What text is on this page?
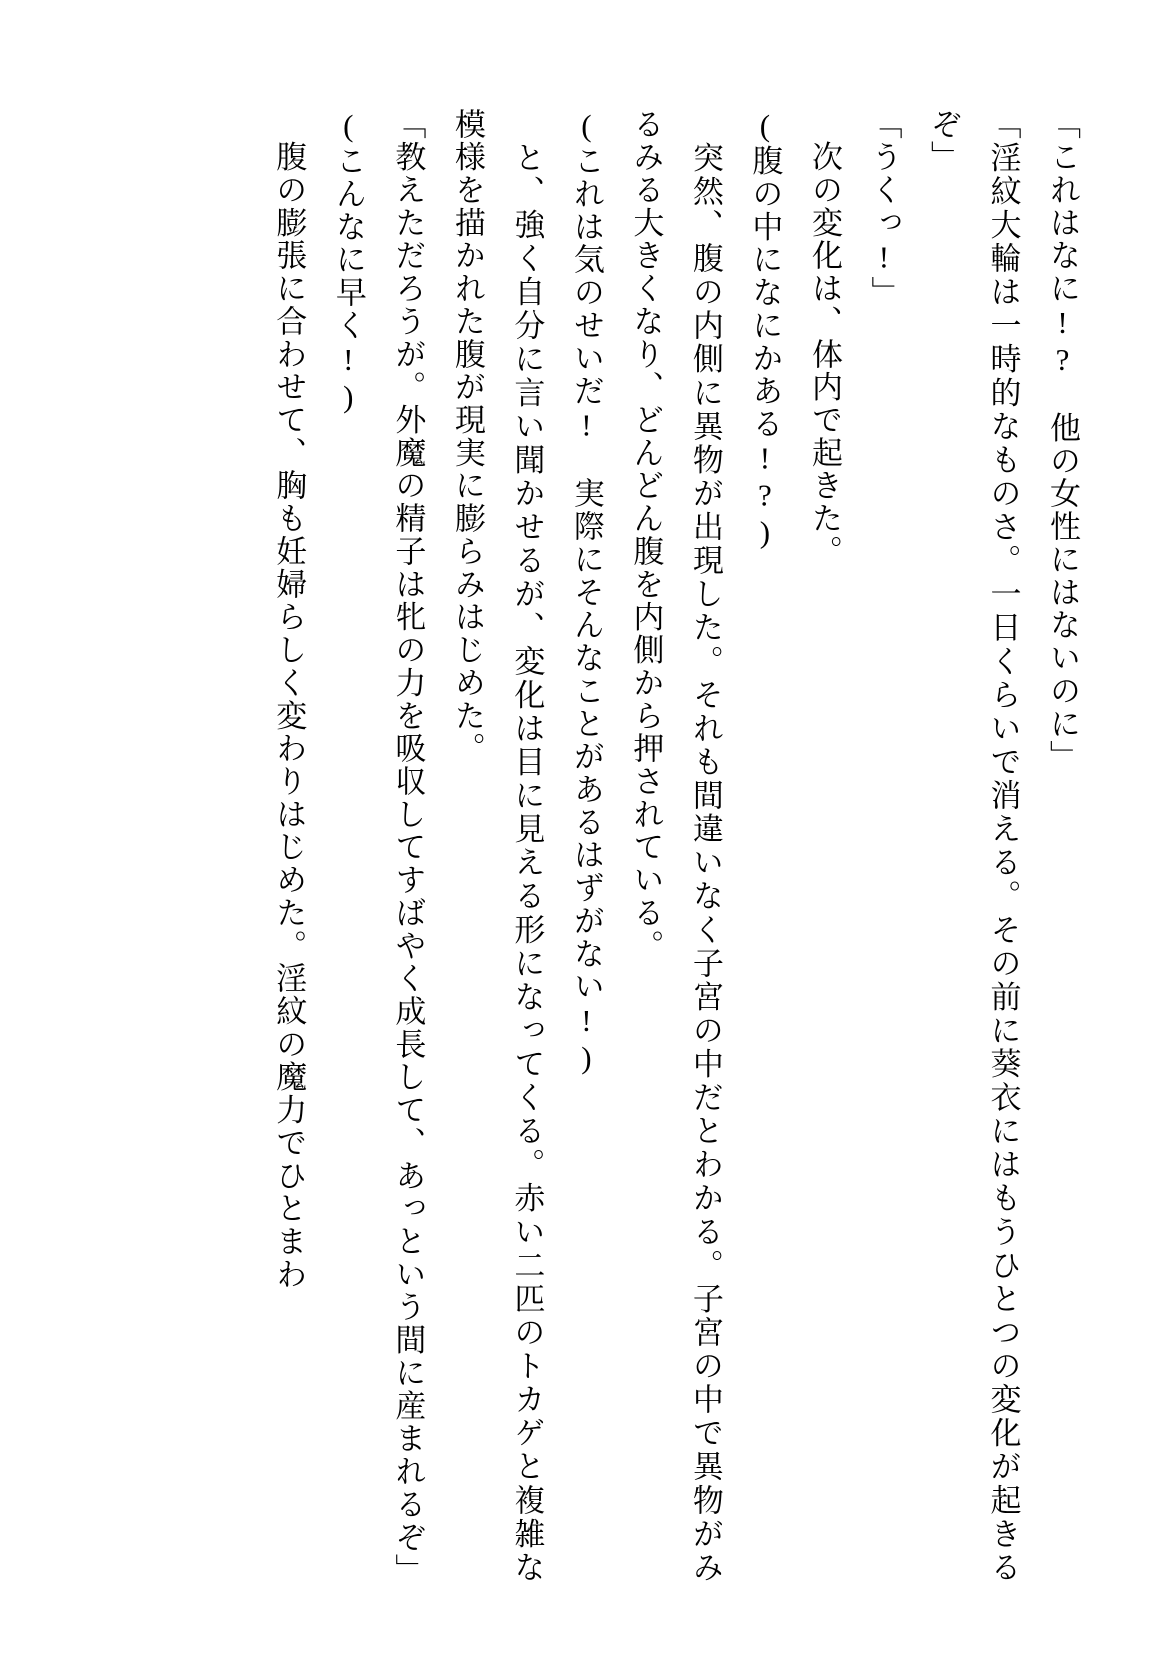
「これはなに!?　他の女性にはないのに」
「淫紋大輪は一時的なものさ。一日くらいで消える。その前に葵衣にはもうひとつの変化が起きるぞ」
「うくっ!」
　次の変化は、体内で起きた。
(腹の中になにかある!?)
　突然、腹の内側に異物が出現した。それも間違いなく子宮の中だとわかる。子宮の中で異物がみるみる大きくなり、どんどん腹を内側から押されている。
(これは気のせいだ!　実際にそんなことがあるはずがない!)
　と、強く自分に言い聞かせるが、変化は目に見える形になってくる。赤い二匹のトカゲと複雑な模様を描かれた腹が現実に膨らみはじめた。
「教えただろうが。外魔の精子は牝の力を吸収してすばやく成長して、あっという間に産まれるぞ」
(こんなに早く!)
　腹の膨張に合わせて、胸も妊婦らしく変わりはじめた。淫紋の魔力でひとまわ
